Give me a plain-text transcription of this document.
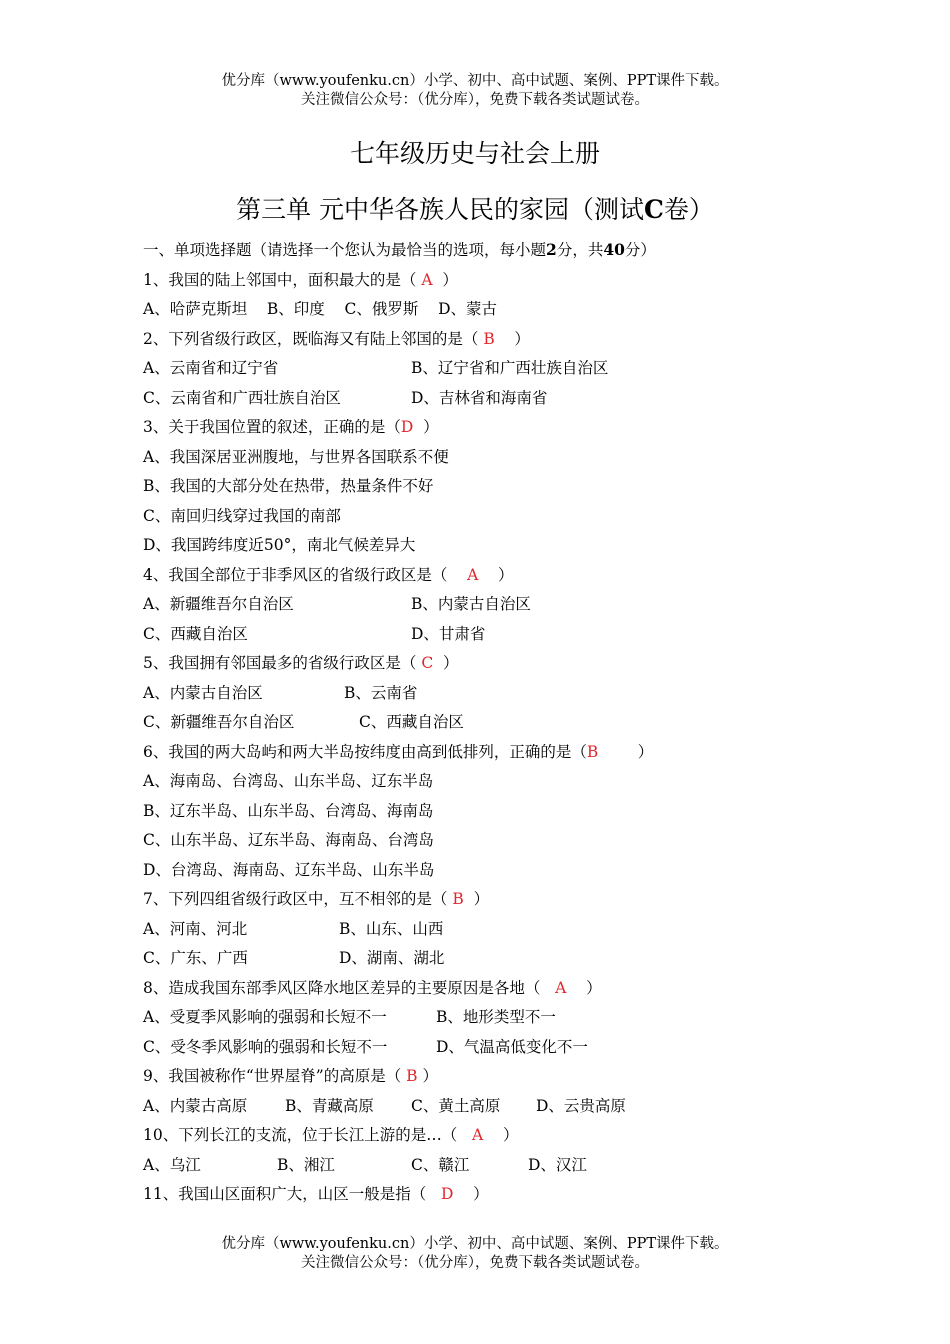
优分库（www.youfenku.cn）小学、初中、高中试题、案例、PPT课件下载。
关注微信公众号：（优分库），免费下载各类试题试卷。
七年级历史与社会上册
第三单 元中华各族人民的家园（测试C卷）
一、单项选择题（请选择一个您认为最恰当的选项，每小题2分，共40分）
1、我国的陆上邻国中，面积最大的是（ A ）
A、哈萨克斯坦 B、印度 C、俄罗斯 D、蒙古
2、下列省级行政区，既临海又有陆上邻国的是（ B ）
A、云南省和辽宁省	B、辽宁省和广西壮族自治区
C、云南省和广西壮族自治区	D、吉林省和海南省
3、关于我国位置的叙述，正确的是（D ）
A、我国深居亚洲腹地，与世界各国联系不便
B、我国的大部分处在热带，热量条件不好
C、南回归线穿过我国的南部
D、我国跨纬度近50°，南北气候差异大
4、我国全部位于非季风区的省级行政区是（ A ）
A、新疆维吾尔自治区	B、内蒙古自治区
C、西藏自治区	D、甘肃省
5、我国拥有邻国最多的省级行政区是（ C ）
A、内蒙古自治区	B、云南省
C、新疆维吾尔自治区	C、西藏自治区
6、我国的两大岛屿和两大半岛按纬度由高到低排列，正确的是（B	）
A、海南岛、台湾岛、山东半岛、辽东半岛
B、辽东半岛、山东半岛、台湾岛、海南岛
C、山东半岛、辽东半岛、海南岛、台湾岛
D、台湾岛、海南岛、辽东半岛、山东半岛
7、下列四组省级行政区中，互不相邻的是（ B ）
A、河南、河北	B、山东、山西
C、广东、广西	D、湖南、湖北
8、造成我国东部季风区降水地区差异的主要原因是各地（ A ）
A、受夏季风影响的强弱和长短不一	B、地形类型不一
C、受冬季风影响的强弱和长短不一	D、气温高低变化不一
9、我国被称作“世界屋脊”的高原是（ B ）
A、内蒙古高原 B、青藏高原 C、黄土高原 D、云贵高原
10、下列长江的支流，位于长江上游的是…（ A ）
A、乌江	B、湘江	C、赣江	D、汉江
11、我国山区面积广大，山区一般是指（ D ）
优分库（www.youfenku.cn）小学、初中、高中试题、案例、PPT课件下载。
关注微信公众号：（优分库），免费下载各类试题试卷。
